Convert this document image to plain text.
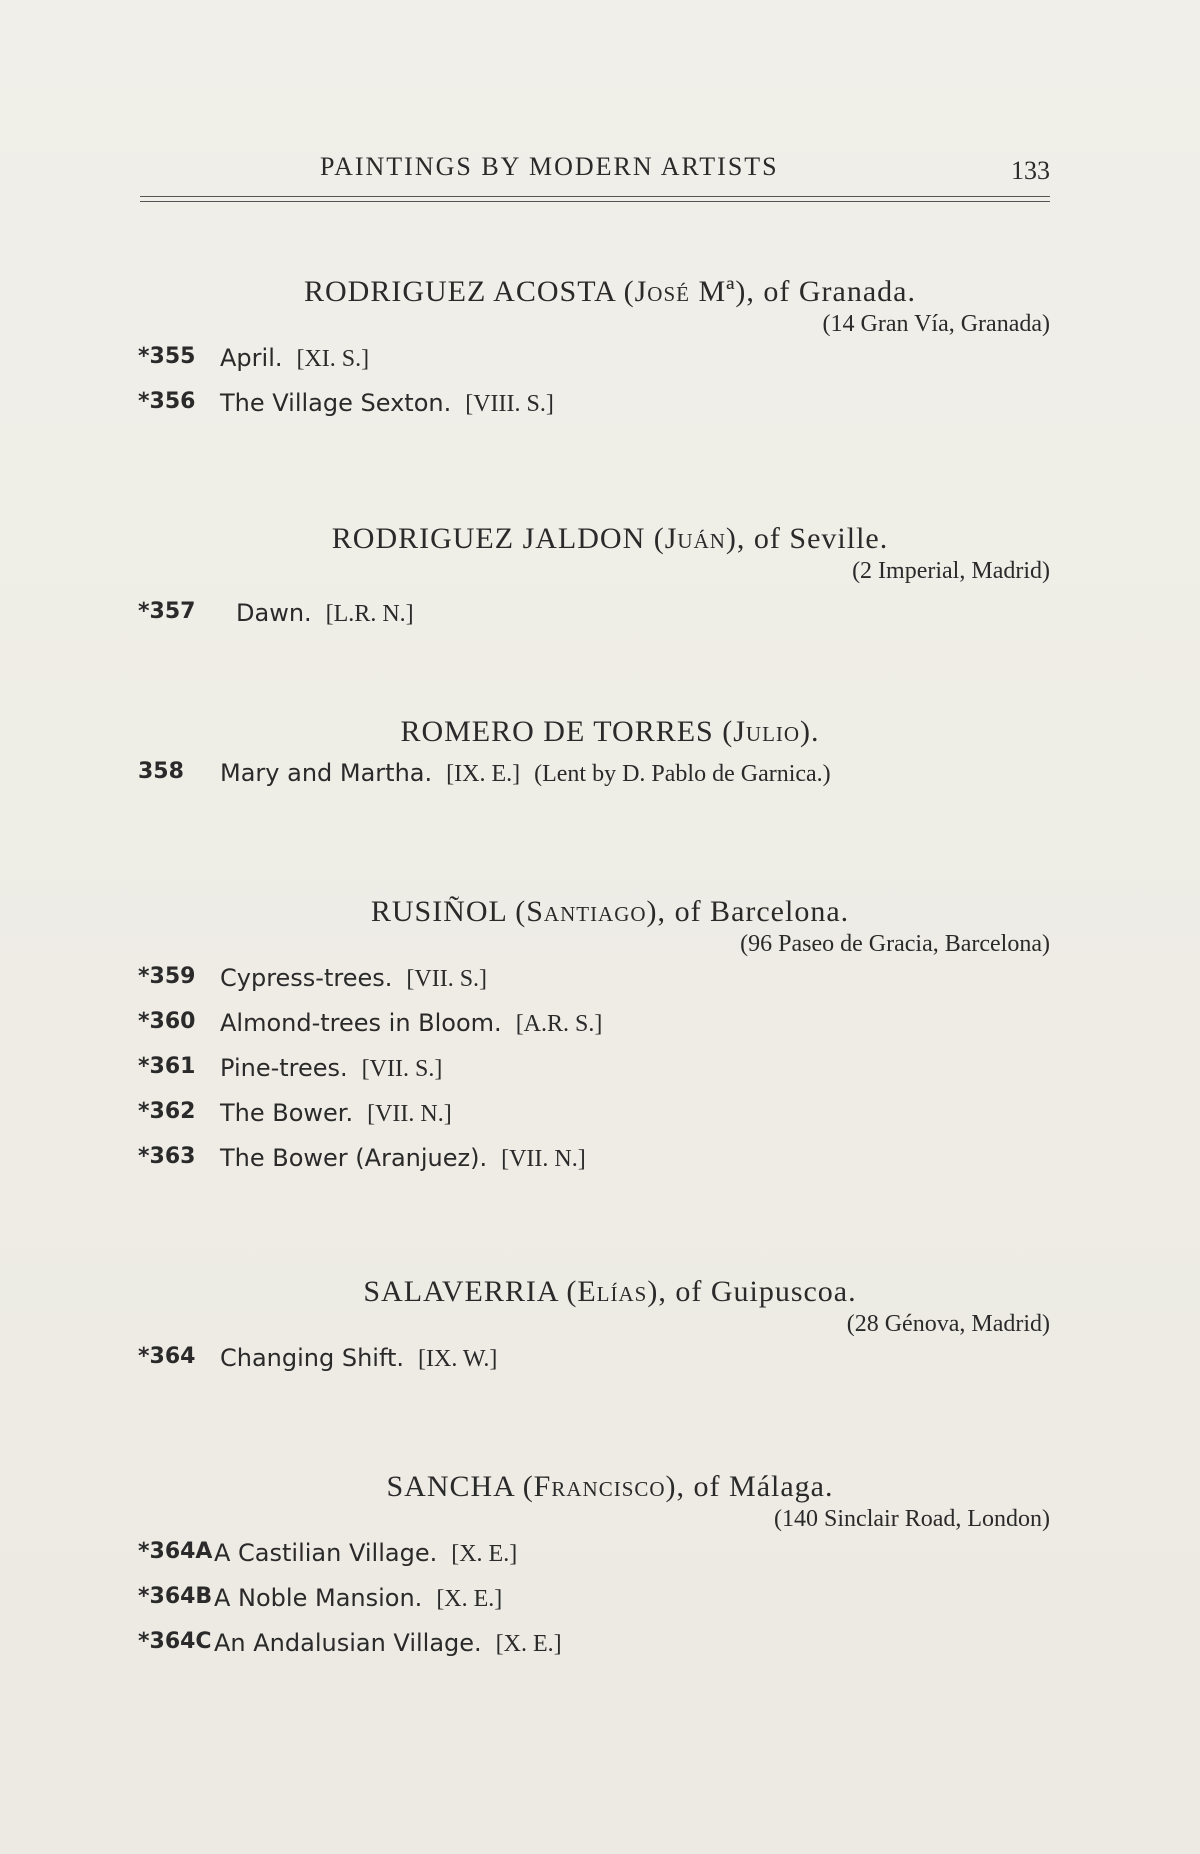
PAINTINGS BY MODERN ARTISTS	133
RODRIGUEZ ACOSTA (José Mª), of Granada.
(14 Gran Vía, Granada)
*355 April. [XI. S.]
*356 The Village Sexton. [VIII. S.]
RODRIGUEZ JALDON (Juán), of Seville.
(2 Imperial, Madrid)
*357 Dawn. [L.R. N.]
ROMERO DE TORRES (Julio).
358 Mary and Martha. [IX. E.] (Lent by D. Pablo de Garnica.)
RUSIÑOL (Santiago), of Barcelona.
(96 Paseo de Gracia, Barcelona)
*359 Cypress-trees. [VII. S.]
*360 Almond-trees in Bloom. [A.R. S.]
*361 Pine-trees. [VII. S.]
*362 The Bower. [VII. N.]
*363 The Bower (Aranjuez). [VII. N.]
SALAVERRIA (Elías), of Guipuscoa.
(28 Génova, Madrid)
*364 Changing Shift. [IX. W.]
SANCHA (Francisco), of Málaga.
(140 Sinclair Road, London)
*364A A Castilian Village. [X. E.]
*364B A Noble Mansion. [X. E.]
*364C An Andalusian Village. [X. E.]
